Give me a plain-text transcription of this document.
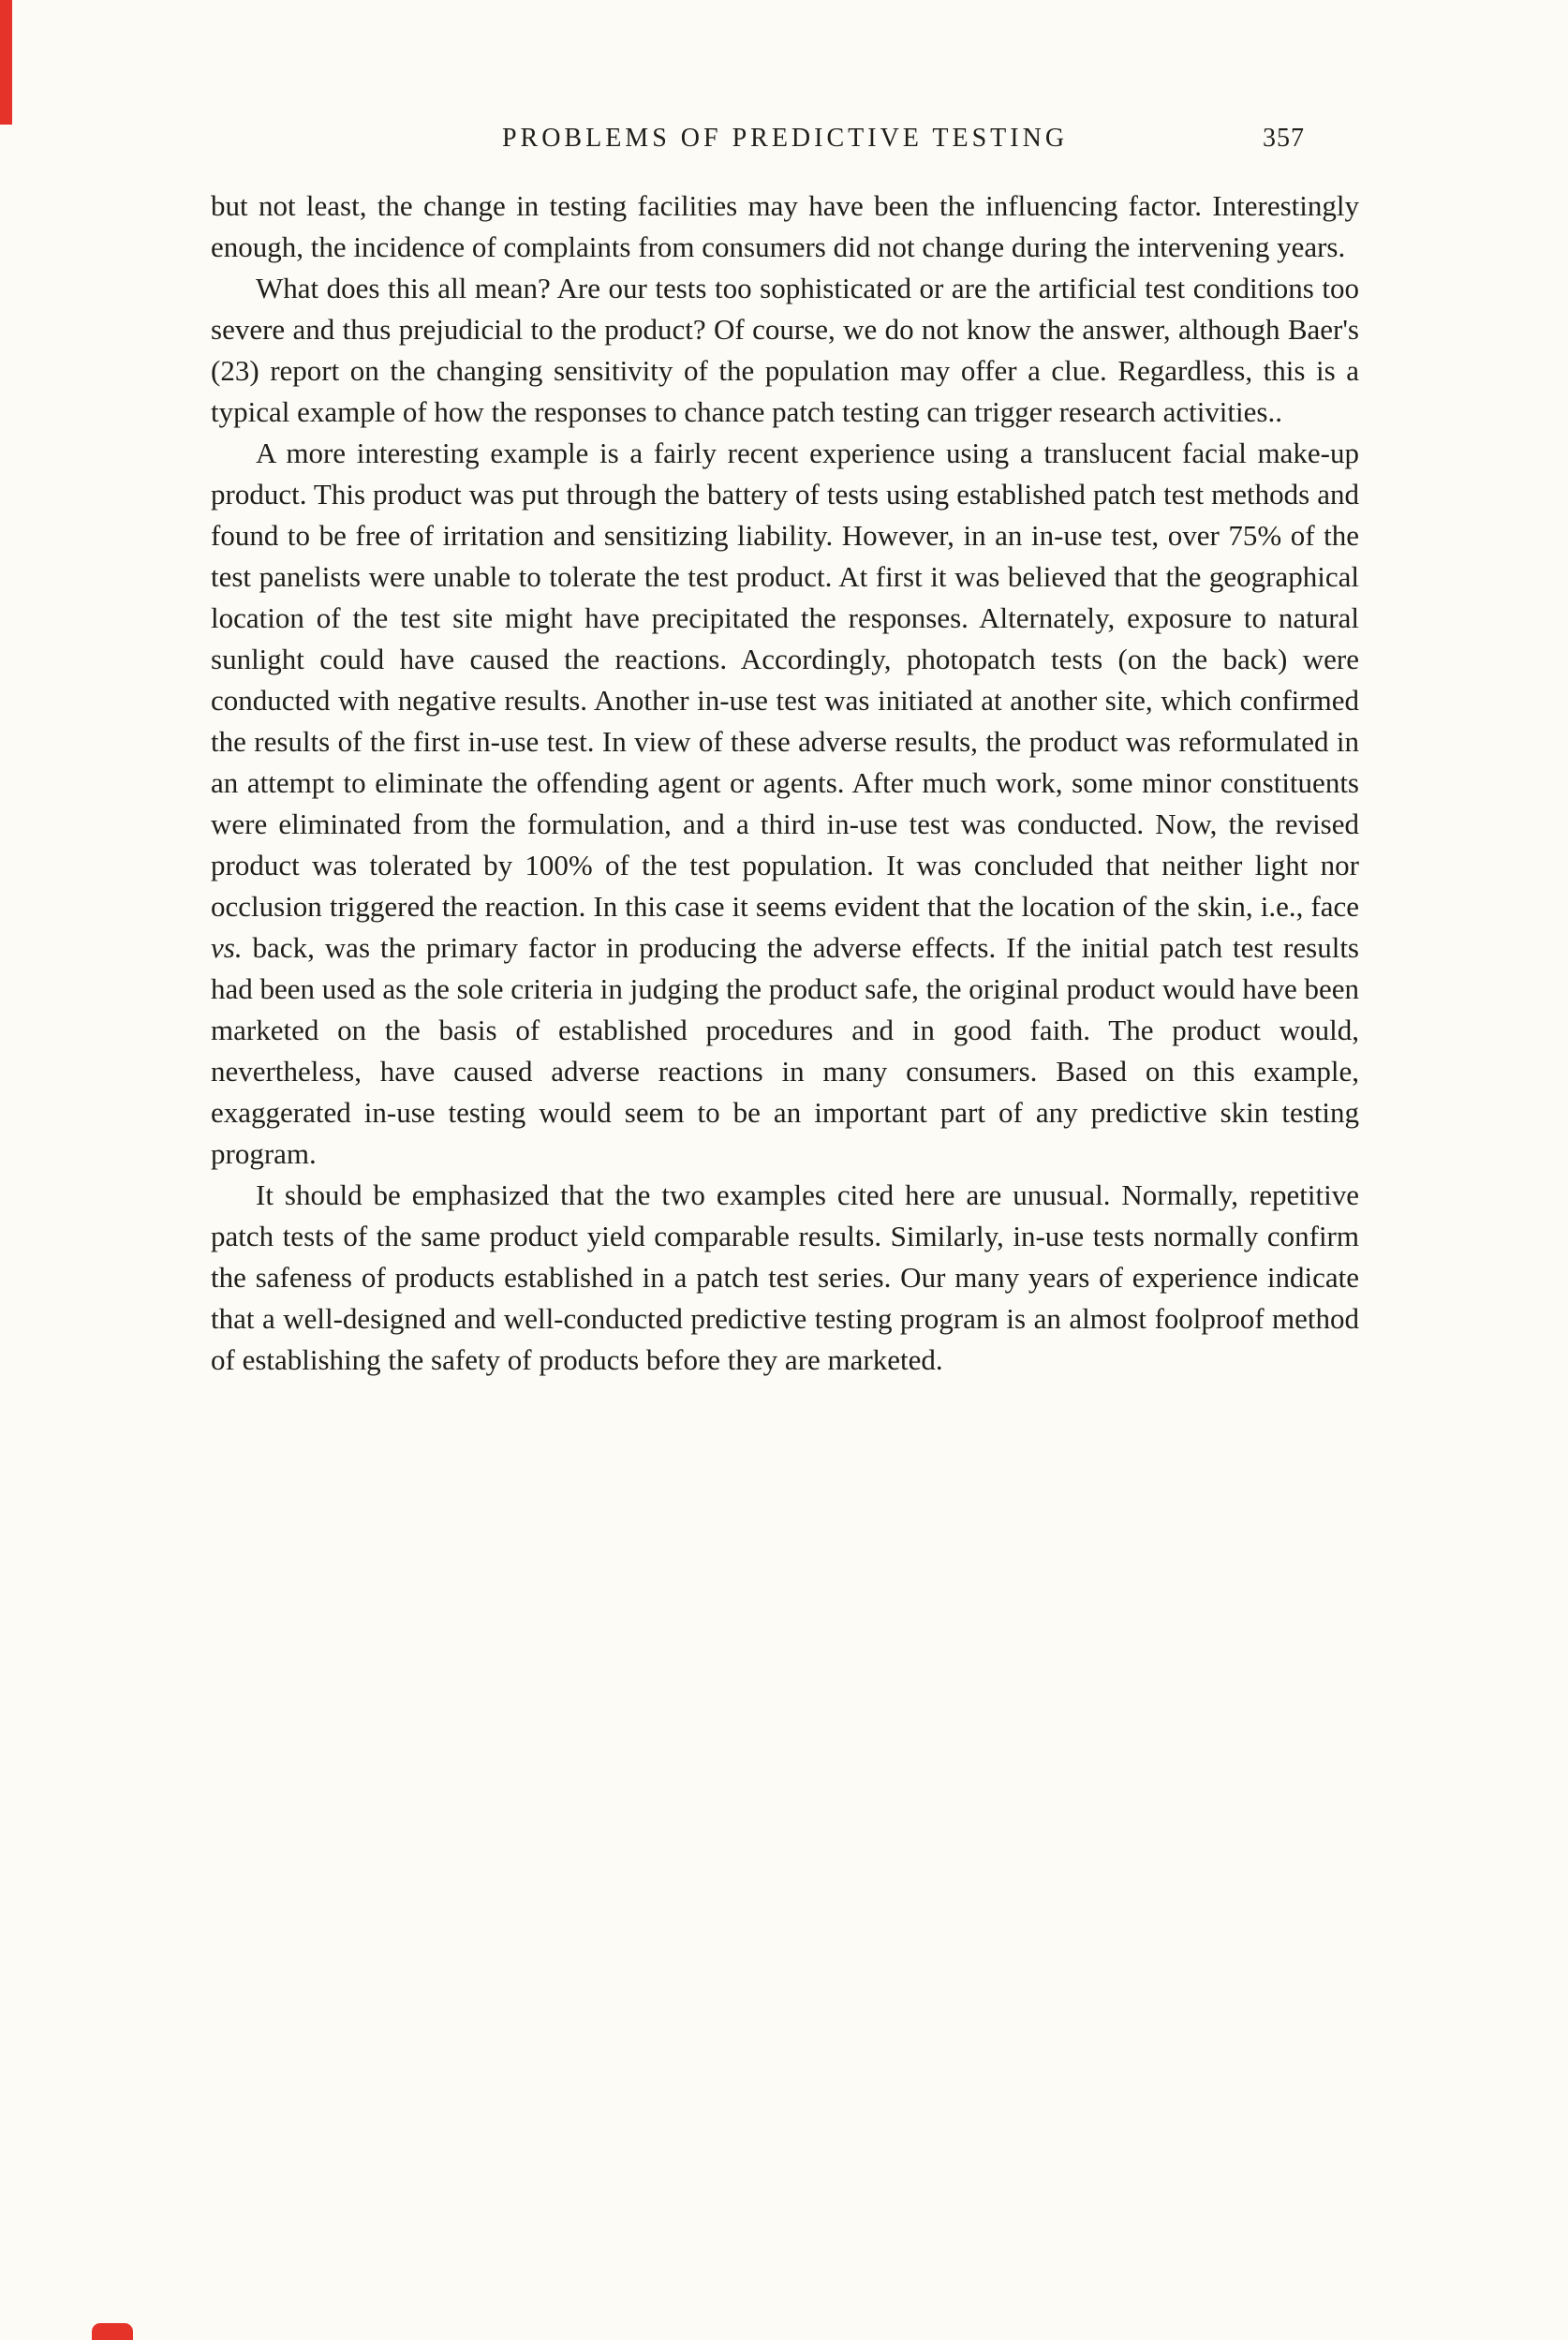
PROBLEMS OF PREDICTIVE TESTING	357

but not least, the change in testing facilities may have been the influencing factor. Interestingly enough, the incidence of complaints from consumers did not change during the intervening years.

What does this all mean? Are our tests too sophisticated or are the artificial test conditions too severe and thus prejudicial to the product? Of course, we do not know the answer, although Baer's (23) report on the changing sensitivity of the population may offer a clue. Regardless, this is a typical example of how the responses to chance patch testing can trigger research activities..

A more interesting example is a fairly recent experience using a translucent facial make-up product. This product was put through the battery of tests using established patch test methods and found to be free of irritation and sensitizing liability. However, in an in-use test, over 75% of the test panelists were unable to tolerate the test product. At first it was believed that the geographical location of the test site might have precipitated the responses. Alternately, exposure to natural sunlight could have caused the reactions. Accordingly, photopatch tests (on the back) were conducted with negative results. Another in-use test was initiated at another site, which confirmed the results of the first in-use test. In view of these adverse results, the product was reformulated in an attempt to eliminate the offending agent or agents. After much work, some minor constituents were eliminated from the formulation, and a third in-use test was conducted. Now, the revised product was tolerated by 100% of the test population. It was concluded that neither light nor occlusion triggered the reaction. In this case it seems evident that the location of the skin, i.e., face vs. back, was the primary factor in producing the adverse effects. If the initial patch test results had been used as the sole criteria in judging the product safe, the original product would have been marketed on the basis of established procedures and in good faith. The product would, nevertheless, have caused adverse reactions in many consumers. Based on this example, exaggerated in-use testing would seem to be an important part of any predictive skin testing program.

It should be emphasized that the two examples cited here are unusual. Normally, repetitive patch tests of the same product yield comparable results. Similarly, in-use tests normally confirm the safeness of products established in a patch test series. Our many years of experience indicate that a well-designed and well-conducted predictive testing program is an almost foolproof method of establishing the safety of products before they are marketed.
